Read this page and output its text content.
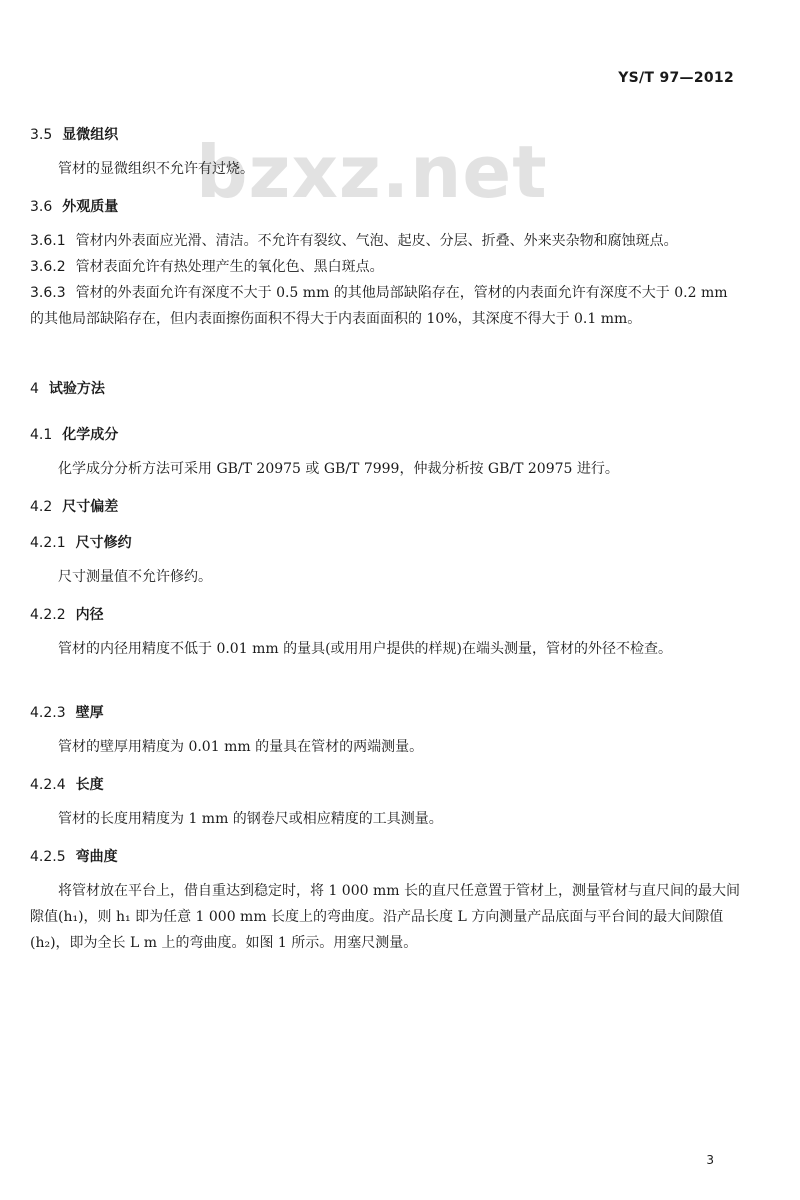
YS/T 97—2012
bzxz.net
3.5 显微组织
管材的显微组织不允许有过烧。
3.6 外观质量
3.6.1 管材内外表面应光滑、清洁。不允许有裂纹、气泡、起皮、分层、折叠、外来夹杂物和腐蚀斑点。
3.6.2 管材表面允许有热处理产生的氧化色、黑白斑点。
3.6.3 管材的外表面允许有深度不大于 0.5 mm 的其他局部缺陷存在，管材的内表面允许有深度不大于 0.2 mm 的其他局部缺陷存在，但内表面擦伤面积不得大于内表面面积的 10%，其深度不得大于 0.1 mm。
4 试验方法
4.1 化学成分
化学成分分析方法可采用 GB/T 20975 或 GB/T 7999，仲裁分析按 GB/T 20975 进行。
4.2 尺寸偏差
4.2.1 尺寸修约
尺寸测量值不允许修约。
4.2.2 内径
管材的内径用精度不低于 0.01 mm 的量具(或用用户提供的样规)在端头测量，管材的外径不检查。
4.2.3 壁厚
管材的壁厚用精度为 0.01 mm 的量具在管材的两端测量。
4.2.4 长度
管材的长度用精度为 1 mm 的钢卷尺或相应精度的工具测量。
4.2.5 弯曲度
将管材放在平台上，借自重达到稳定时，将 1 000 mm 长的直尺任意置于管材上，测量管材与直尺间的最大间隙值(h₁)，则 h₁ 即为任意 1 000 mm 长度上的弯曲度。沿产品长度 L 方向测量产品底面与平台间的最大间隙值(h₂)，即为全长 L m 上的弯曲度。如图 1 所示。用塞尺测量。
3
